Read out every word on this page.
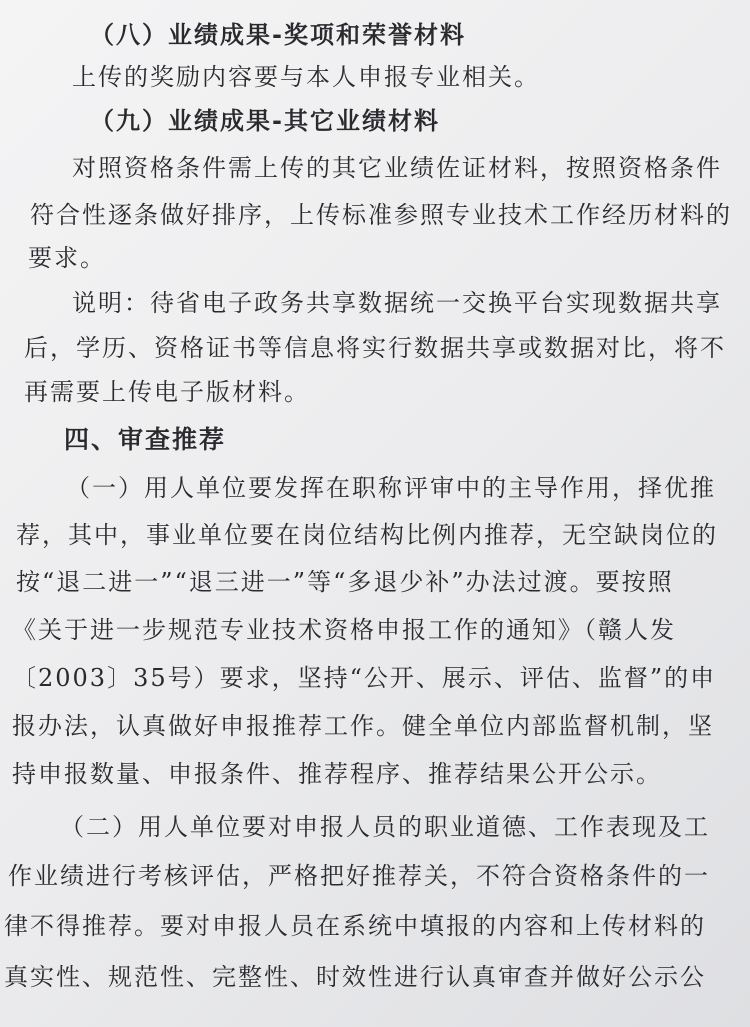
（八）业绩成果-奖项和荣誉材料
上传的奖励内容要与本人申报专业相关。
（九）业绩成果-其它业绩材料
对照资格条件需上传的其它业绩佐证材料，按照资格条件
符合性逐条做好排序，上传标准参照专业技术工作经历材料的
要求。
说明：待省电子政务共享数据统一交换平台实现数据共享
后，学历、资格证书等信息将实行数据共享或数据对比，将不
再需要上传电子版材料。
四、审查推荐
（一）用人单位要发挥在职称评审中的主导作用，择优推
荐，其中，事业单位要在岗位结构比例内推荐，无空缺岗位的
按“退二进一”“退三进一”等“多退少补”办法过渡。要按照
《关于进一步规范专业技术资格申报工作的通知》（赣人发
〔2003〕35号）要求，坚持“公开、展示、评估、监督”的申
报办法，认真做好申报推荐工作。健全单位内部监督机制，坚
持申报数量、申报条件、推荐程序、推荐结果公开公示。
（二）用人单位要对申报人员的职业道德、工作表现及工
作业绩进行考核评估，严格把好推荐关，不符合资格条件的一
律不得推荐。要对申报人员在系统中填报的内容和上传材料的
真实性、规范性、完整性、时效性进行认真审查并做好公示公
